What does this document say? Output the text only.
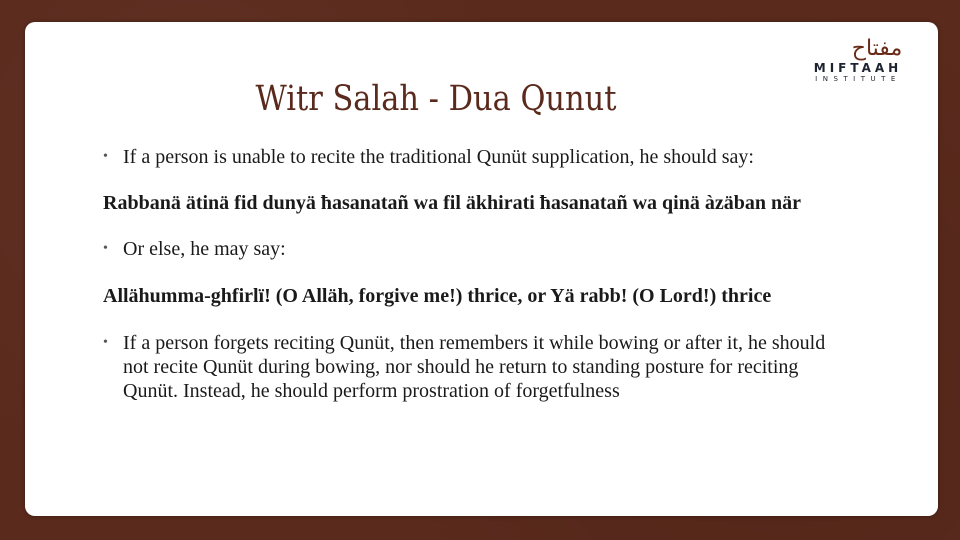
مفتاح
MIFTAAH
INSTITUTE
Witr Salah - Dua Qunut
• If a person is unable to recite the traditional Qunüt supplication, he should say:
Rabbanä ätinä fid dunyä ħasanatañ wa fil äkhirati ħasanatañ wa qinä àzäban när
• Or else, he may say:
Allähumma-ghfirlï! (O Alläh, forgive me!) thrice, or Yä rabb! (O Lord!) thrice
• If a person forgets reciting Qunüt, then remembers it while bowing or after it, he should not recite Qunüt during bowing, nor should he return to standing posture for reciting Qunüt. Instead, he should perform prostration of forgetfulness
